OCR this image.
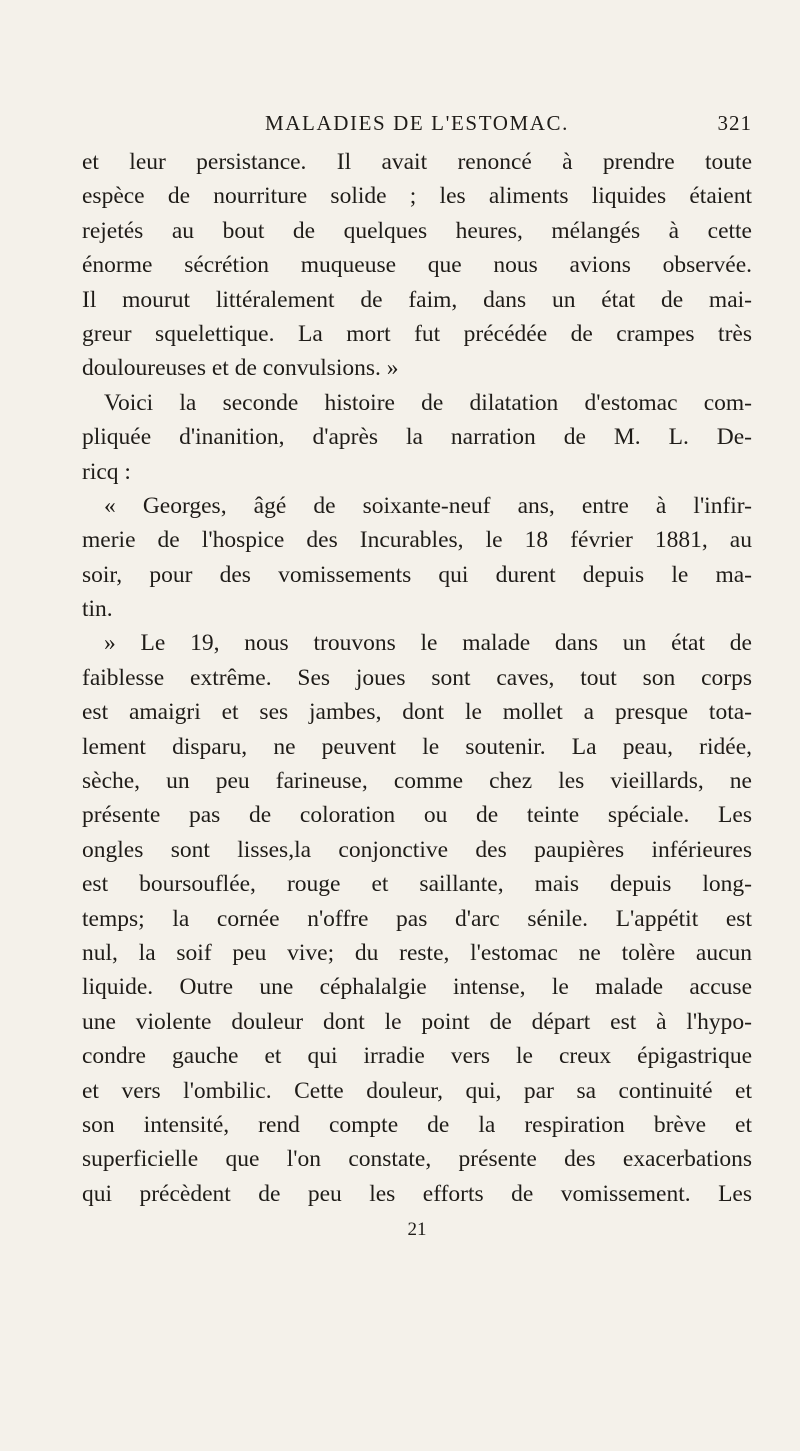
MALADIES DE L'ESTOMAC.	321
et leur persistance. Il avait renoncé à prendre toute
espèce de nourriture solide ; les aliments liquides étaient
rejetés au bout de quelques heures, mélangés à cette
énorme sécrétion muqueuse que nous avions observée.
Il mourut littéralement de faim, dans un état de mai-
greur squelettique. La mort fut précédée de crampes très
douloureuses et de convulsions. »
Voici la seconde histoire de dilatation d'estomac com-
pliquée d'inanition, d'après la narration de M. L. De-
ricq :
« Georges, âgé de soixante-neuf ans, entre à l'infir-
merie de l'hospice des Incurables, le 18 février 1881, au
soir, pour des vomissements qui durent depuis le ma-
tin.
» Le 19, nous trouvons le malade dans un état de
faiblesse extrême. Ses joues sont caves, tout son corps
est amaigri et ses jambes, dont le mollet a presque tota-
lement disparu, ne peuvent le soutenir. La peau, ridée,
sèche, un peu farineuse, comme chez les vieillards, ne
présente pas de coloration ou de teinte spéciale. Les
ongles sont lisses,la conjonctive des paupières inférieures
est boursouflée, rouge et saillante, mais depuis long-
temps; la cornée n'offre pas d'arc sénile. L'appétit est
nul, la soif peu vive; du reste, l'estomac ne tolère aucun
liquide. Outre une céphalalgie intense, le malade accuse
une violente douleur dont le point de départ est à l'hypo-
condre gauche et qui irradie vers le creux épigastrique
et vers l'ombilic. Cette douleur, qui, par sa continuité et
son intensité, rend compte de la respiration brève et
superficielle que l'on constate, présente des exacerbations
qui précèdent de peu les efforts de vomissement. Les
21
